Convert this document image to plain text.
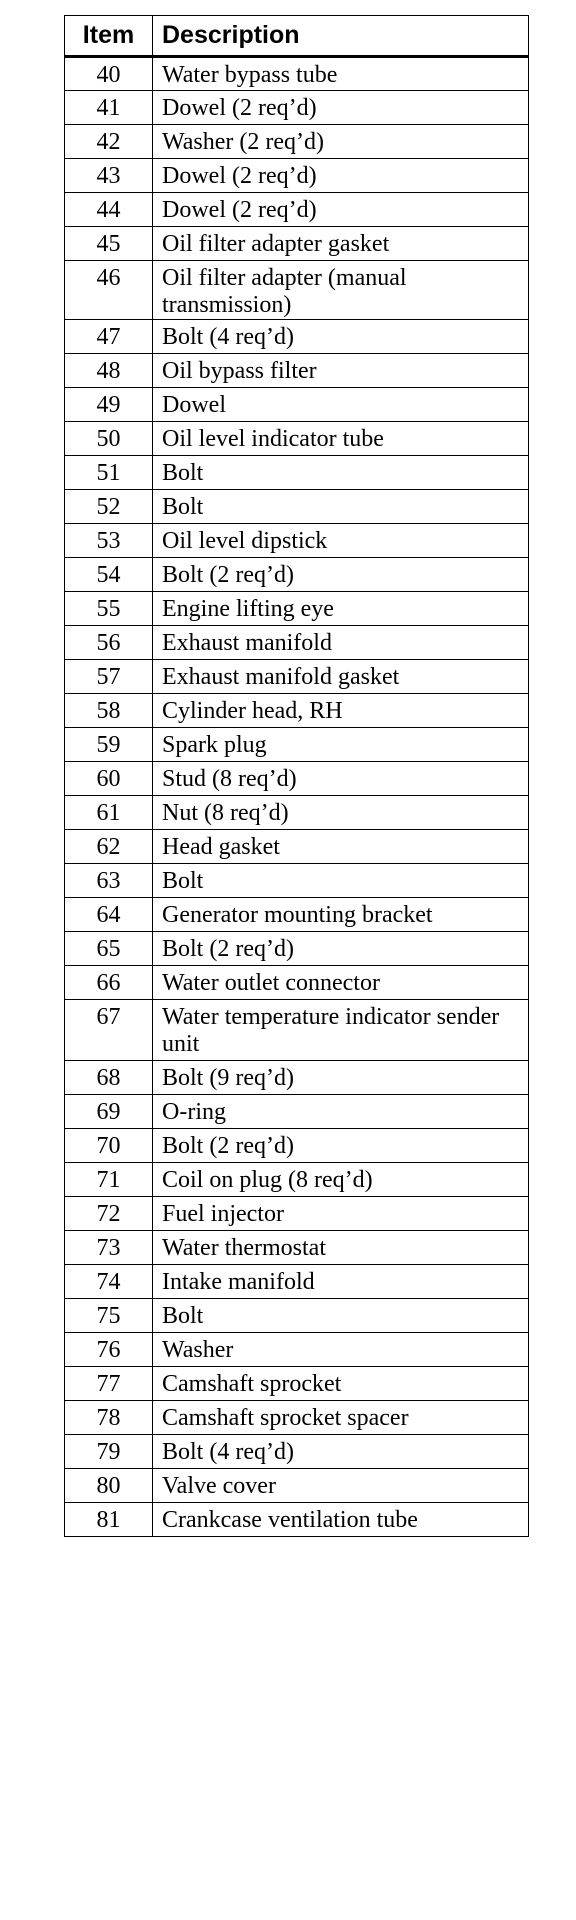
Item	Description
40	Water bypass tube
41	Dowel (2 req’d)
42	Washer (2 req’d)
43	Dowel (2 req’d)
44	Dowel (2 req’d)
45	Oil filter adapter gasket
46	Oil filter adapter (manual transmission)
47	Bolt (4 req’d)
48	Oil bypass filter
49	Dowel
50	Oil level indicator tube
51	Bolt
52	Bolt
53	Oil level dipstick
54	Bolt (2 req’d)
55	Engine lifting eye
56	Exhaust manifold
57	Exhaust manifold gasket
58	Cylinder head, RH
59	Spark plug
60	Stud (8 req’d)
61	Nut (8 req’d)
62	Head gasket
63	Bolt
64	Generator mounting bracket
65	Bolt (2 req’d)
66	Water outlet connector
67	Water temperature indicator sender unit
68	Bolt (9 req’d)
69	O-ring
70	Bolt (2 req’d)
71	Coil on plug (8 req’d)
72	Fuel injector
73	Water thermostat
74	Intake manifold
75	Bolt
76	Washer
77	Camshaft sprocket
78	Camshaft sprocket spacer
79	Bolt (4 req’d)
80	Valve cover
81	Crankcase ventilation tube
